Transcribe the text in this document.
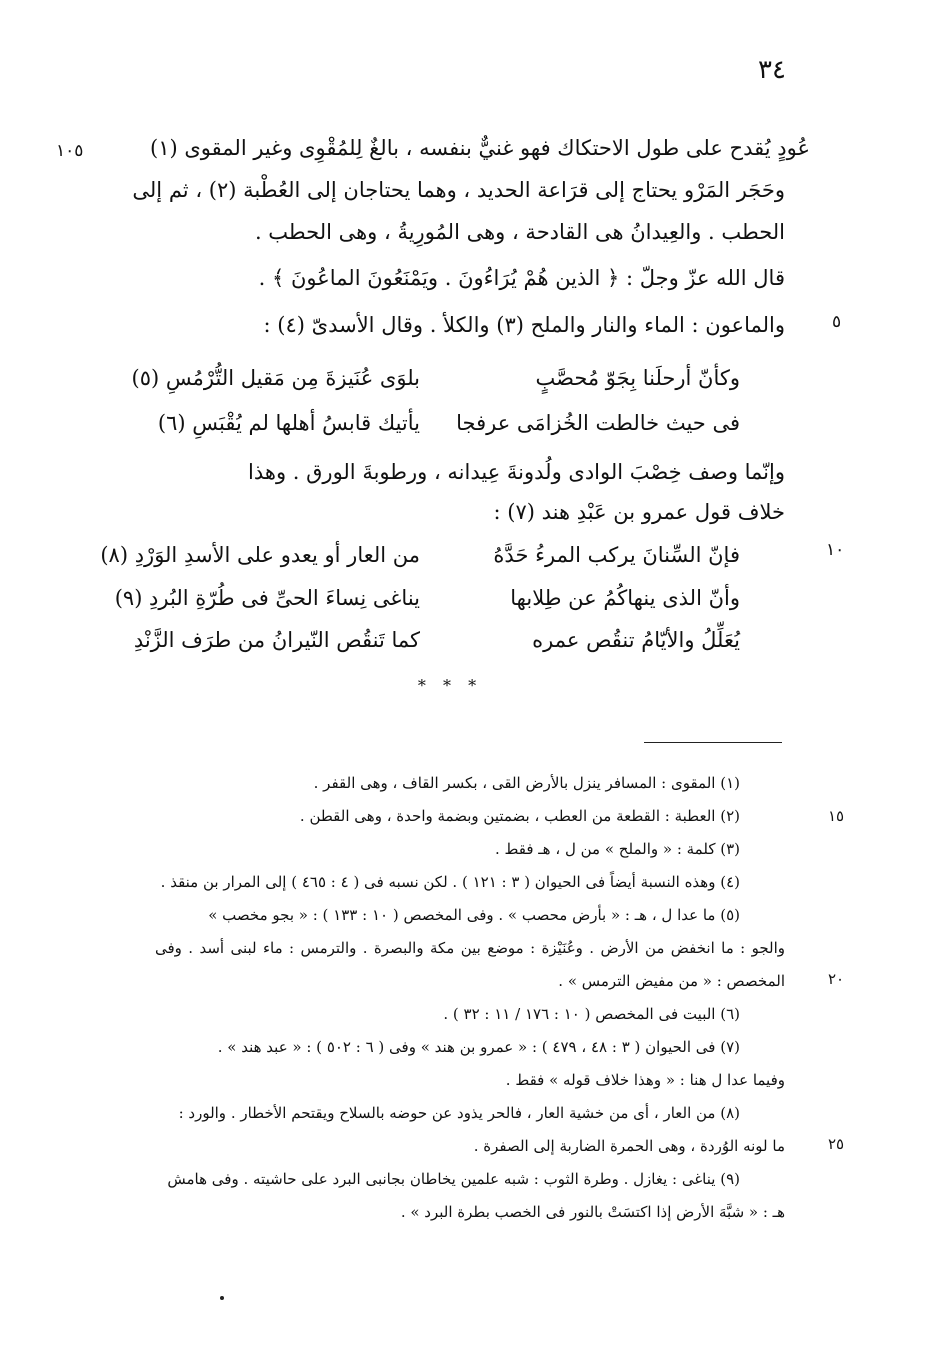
٣٤
١٠٥
٥
١٠
عُودٍ يُقدح على طول الاحتكاك فهو غنيٌّ بنفسه ، بالغٌ لِلمُقْوِى وغير المقوى (١)
وحَجَر المَرْو يحتاج إلى قرَاعة الحديد ، وهما يحتاجان إلى العُطْبة (٢) ، ثم إلى
الحطب . والعِيدانُ هى القادحة ، وهى المُورِيةُ ، وهى الحطب .
قال الله عزّ وجلّ : ﴿ الذين هُمْ يُرَاءُونَ . ويَمْنَعُونَ الماعُونَ ﴾ .
والماعون : الماء والنار والملح (٣) والكلأ . وقال الأسدىّ (٤) :
وكأنّ أرحلَنا بِجَوّ مُحصَّبٍ
بلوَى عُنَيزةَ مِن مَقيل التُّرْمُسِ (٥)
فى حيث خالطت الخُزامَى عرفجا
يأتيك قابسُ أهلها لم يُقْبَسِ (٦)
وإنّما وصف خِصْبَ الوادى ولُدونةَ عِيدانه ، ورطوبةَ الورق . وهذا
خلاف قول عمرو بن عَبْدِ هند (٧) :
فإنّ السِّنانَ يركب المرءُ حَدَّهُ
من العار أو يعدو على الأسدِ الوَرْدِ (٨)
وأنّ الذى ينهاكُمُ عن طِلابها
يناغى نِساءَ الحىِّ فى طُرّةِ البُردِ (٩)
يُعَلِّلُ والأيّامُ تنقُص عمره
كما تَنقُص النّيرانُ من طرَف الزَّنْدِ
* * *
١٥
٢٠
٢٥
(١) المقوى : المسافر ينزل بالأرض القى ، بكسر القاف ، وهى القفر .
(٢) العطبة : القطعة من العطب ، بضمتين وبضمة واحدة ، وهى القطن .
(٣) كلمة : « والملح » من ل ، هـ فقط .
(٤) وهذه النسبة أيضاً فى الحيوان ( ٣ : ١٢١ ) . لكن نسبه فى ( ٤ : ٤٦٥ ) إلى المرار بن منقذ .
(٥) ما عدا ل ، هـ : « بأرض محصب » . وفى المخصص ( ١٠ : ١٣٣ ) : « بجو مخصب »
والجو : ما انخفض من الأرض . وعُنَيْزة : موضع بين مكة والبصرة . والترمس : ماء لبنى أسد . وفى
المخصص : « من مفيض الترمس » .
(٦) البيت فى المخصص ( ١٠ : ١٧٦ / ١١ : ٣٢ ) .
(٧) فى الحيوان ( ٣ : ٤٨ ، ٤٧٩ ) : « عمرو بن هند » وفى ( ٦ : ٥٠٢ ) : « عبد هند » .
وفيما عدا ل هنا : « وهذا خلاف قوله » فقط .
(٨) من العار ، أى من خشية العار ، فالحر يذود عن حوضه بالسلاح ويقتحم الأخطار . والورد :
ما لونه الوُردة ، وهى الحمرة الضاربة إلى الصفرة .
(٩) يناغى : يغازل . وطرة الثوب : شبه علمين يخاطان بجانبى البرد على حاشيته . وفى هامش
هـ : « شبَّهَ الأرض إذا اكتسَتْ بالنور فى الخصب بطرة البرد » .
